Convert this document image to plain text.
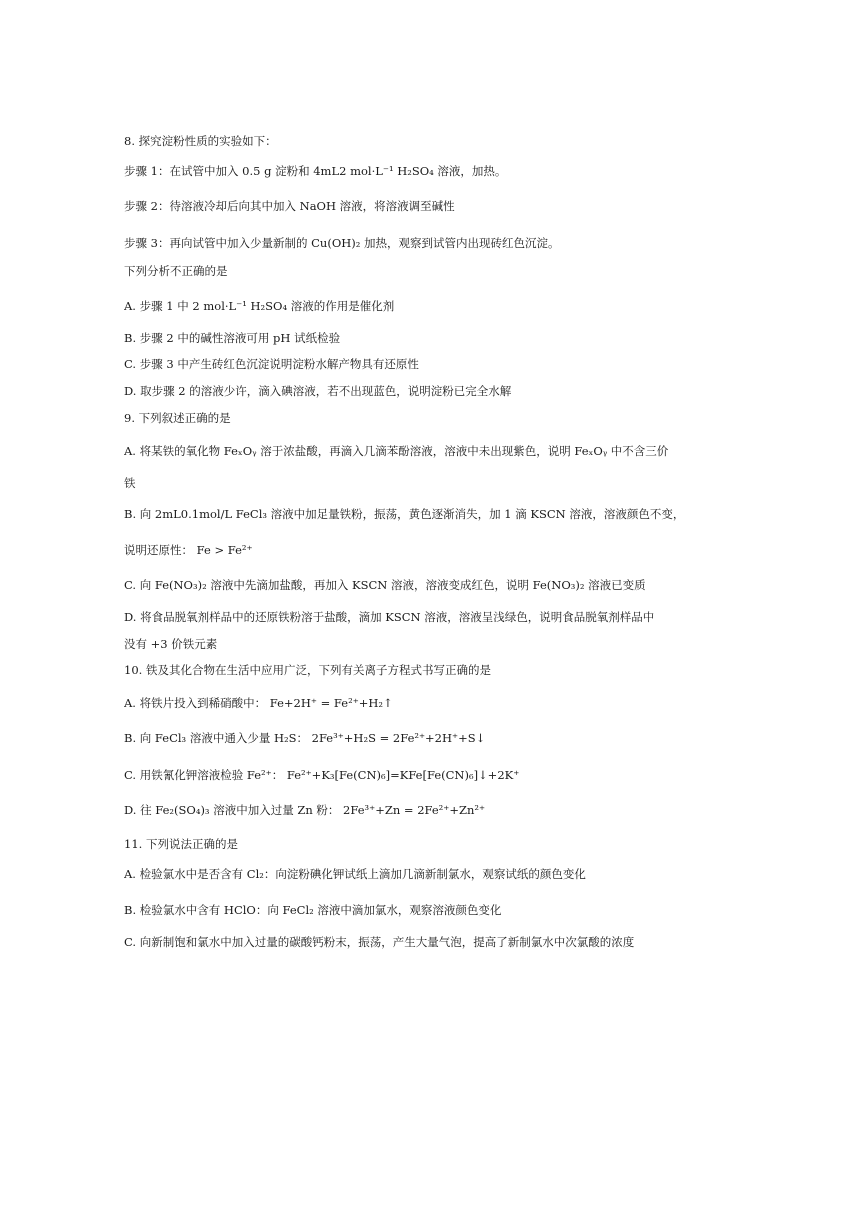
8. 探究淀粉性质的实验如下：
步骤 1：在试管中加入 0.5 g 淀粉和 4mL2 mol·L⁻¹ H₂SO₄ 溶液，加热。
步骤 2：待溶液冷却后向其中加入 NaOH 溶液，将溶液调至碱性
步骤 3：再向试管中加入少量新制的 Cu(OH)₂ 加热，观察到试管内出现砖红色沉淀。
下列分析不正确的是
A. 步骤 1 中 2 mol·L⁻¹ H₂SO₄ 溶液的作用是催化剂
B. 步骤 2 中的碱性溶液可用 pH 试纸检验
C. 步骤 3 中产生砖红色沉淀说明淀粉水解产物具有还原性
D. 取步骤 2 的溶液少许，滴入碘溶液，若不出现蓝色，说明淀粉已完全水解
9. 下列叙述正确的是
A. 将某铁的氧化物 FeₓOᵧ 溶于浓盐酸，再滴入几滴苯酚溶液，溶液中未出现紫色，说明 FeₓOᵧ 中不含三价
铁
B. 向 2mL0.1mol/L FeCl₃ 溶液中加足量铁粉，振荡，黄色逐渐消失，加 1 滴 KSCN 溶液，溶液颜色不变，
说明还原性： Fe > Fe²⁺
C. 向 Fe(NO₃)₂ 溶液中先滴加盐酸，再加入 KSCN 溶液，溶液变成红色，说明 Fe(NO₃)₂ 溶液已变质
D. 将食品脱氧剂样品中的还原铁粉溶于盐酸，滴加 KSCN 溶液，溶液呈浅绿色，说明食品脱氧剂样品中
没有 +3 价铁元素
10. 铁及其化合物在生活中应用广泛，下列有关离子方程式书写正确的是
A. 将铁片投入到稀硝酸中： Fe+2H⁺ = Fe²⁺+H₂↑
B. 向 FeCl₃ 溶液中通入少量 H₂S： 2Fe³⁺+H₂S = 2Fe²⁺+2H⁺+S↓
C. 用铁氰化钾溶液检验 Fe²⁺： Fe²⁺+K₃[Fe(CN)₆]=KFe[Fe(CN)₆]↓+2K⁺
D. 往 Fe₂(SO₄)₃ 溶液中加入过量 Zn 粉： 2Fe³⁺+Zn = 2Fe²⁺+Zn²⁺
11. 下列说法正确的是
A. 检验氯水中是否含有 Cl₂：向淀粉碘化钾试纸上滴加几滴新制氯水，观察试纸的颜色变化
B. 检验氯水中含有 HClO：向 FeCl₂ 溶液中滴加氯水，观察溶液颜色变化
C. 向新制饱和氯水中加入过量的碳酸钙粉末，振荡，产生大量气泡，提高了新制氯水中次氯酸的浓度
